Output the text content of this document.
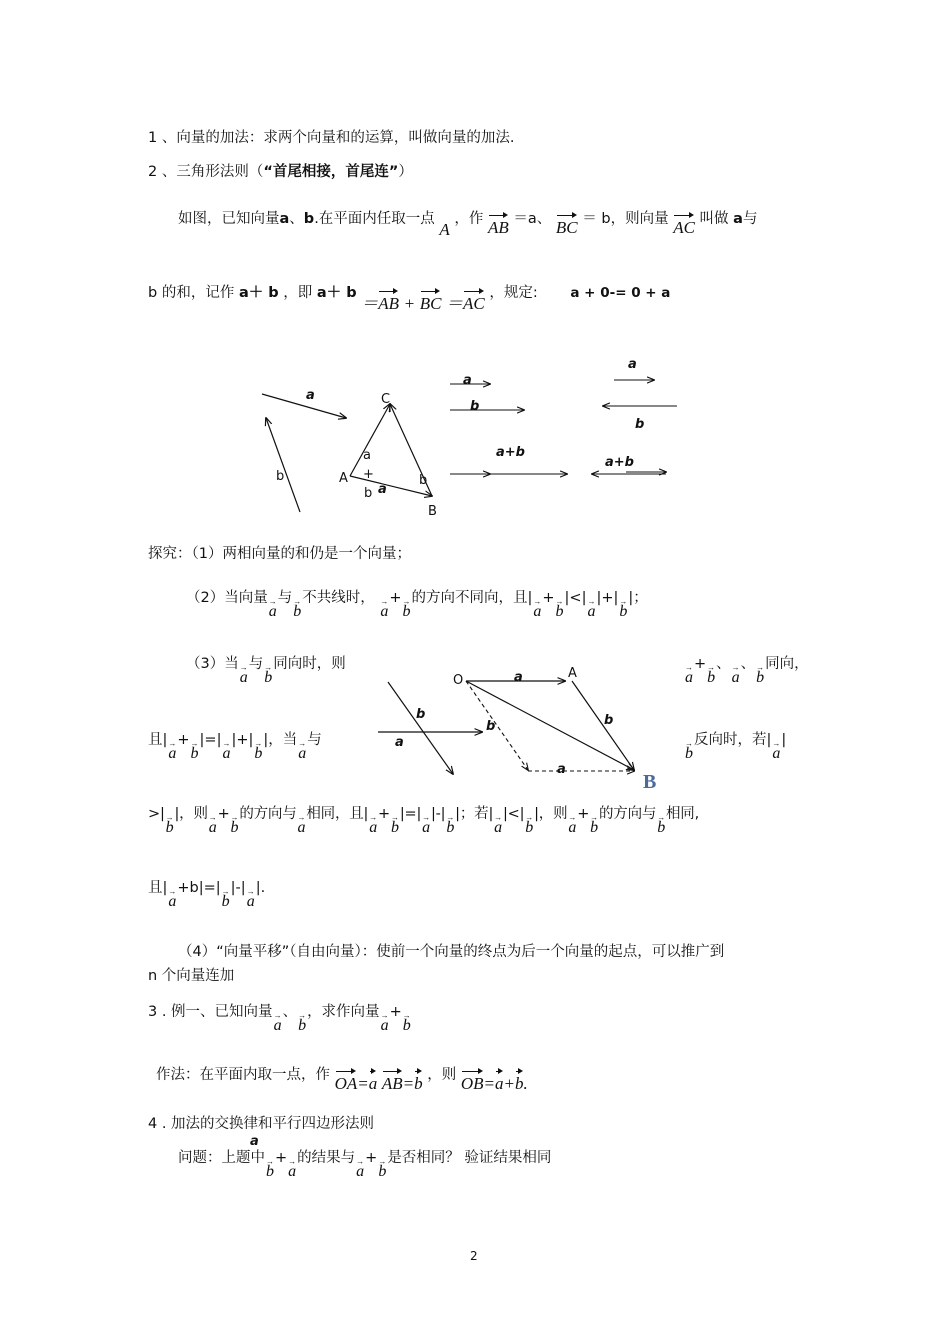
1 、向量的加法：求两个向量和的运算，叫做向量的加法.
2 、三角形法则（“首尾相接，首尾连”）
如图，已知向量a、b.在平面内任取一点 A ，作 AB ＝a、 BC ＝ b，则向量 AC 叫做 a与
b 的和，记作 a＋ b ，即 a＋ b ＝AB + BC ＝AC ，规定: a + 0-= 0 + a
a
b
C
A
B
a
+
b a
b
a
b
a+b
a
b
a+b
b
a
O	A
a
b
b
a
B
探究：（1）两相向量的和仍是一个向量；
（2）当向量→ a与→ b不共线时， → a+→ b的方向不同向，且|→ a+→ b|<|→ a|+|→ b|；
（3）当→ a与→ b同向时，则
→ a+→ b、→ a、→ b同向，
且|→ a+→ b|=|→ a|+|→ b|，当→ a与
→ b反向时，若|→ a|
>|→ b|，则→ a+→ b的方向与→ a相同，且|→ a+→ b|=|→ a|-|→ b|；若|→ a|<|→ b|，则→ a+→ b的方向与→ b相同,
且|→ a+b|=|→ b|-|→ a|.
（4）“向量平移”（自由向量）：使前一个向量的终点为后一个向量的起点，可以推广到
n 个向量连加
3 . 例一、已知向量→ a、→ b，求作向量→ a+→ b
作法：在平面内取一点，作 OA=a AB=b ，则 OB=a+b.
4 . 加法的交换律和平行四边形法则
a
问题：上题中→ b+→ a的结果与→ a+→ b是否相同？ 验证结果相同
2
